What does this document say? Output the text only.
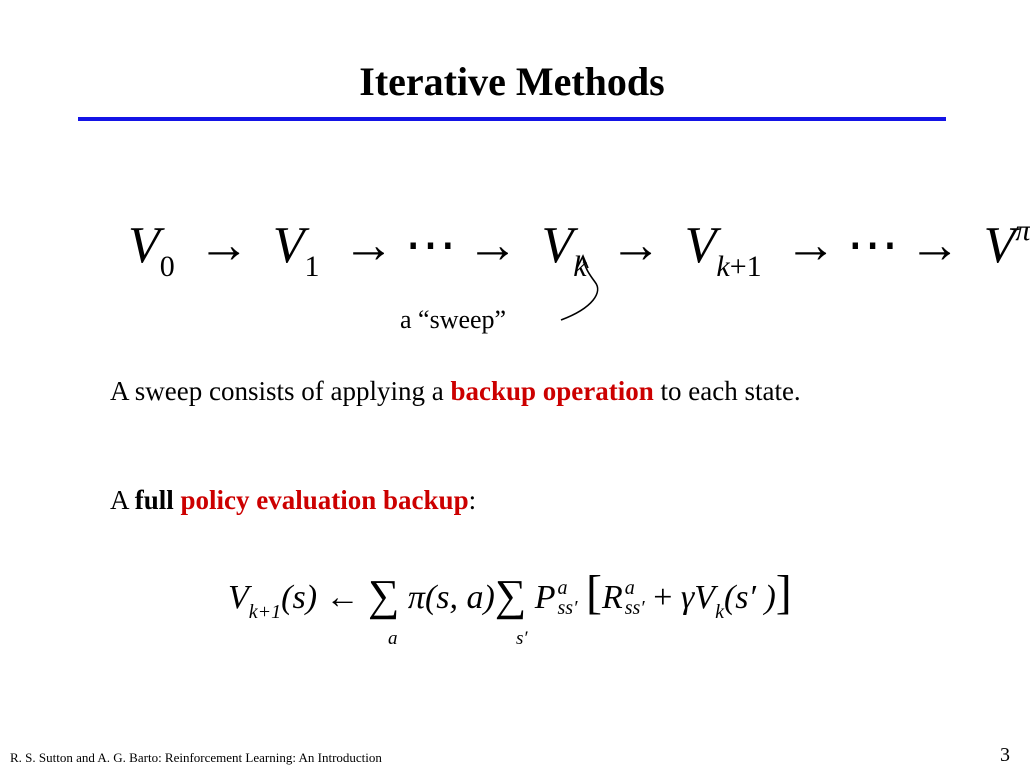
Iterative Methods
$V_0 \to V_1$ → ⋯ → $V_k \to V_{k+1}$ → ⋯ → $V^\pi$
a “sweep”
A sweep consists of applying a backup operation to each state.
A full policy evaluation backup:
$V_{k+1}(s)$ ← ∑ π(s, a)∑ P a
ss′ [R a
$ss' + \gamma V_k(s'$ )]
a	s′
R. S. Sutton and A. G. Barto: Reinforcement Learning: An Introduction	3
